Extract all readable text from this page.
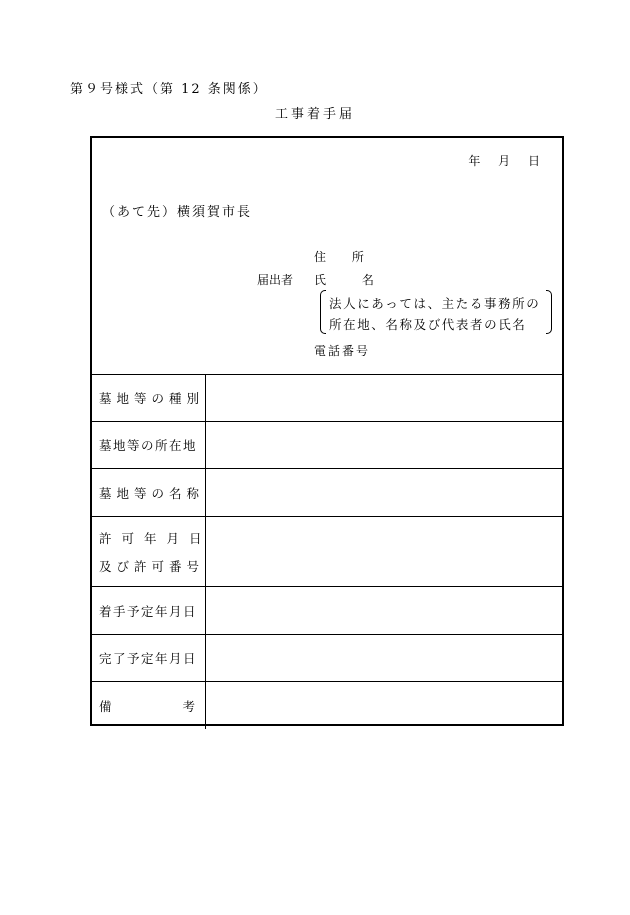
第９号様式（第 12 条関係）
工事着手届
年 月 日
（あて先）横須賀市長
届出者
住 所
氏 名
法人にあっては、主たる事務所の
所在地、名称及び代表者の氏名
電話番号
墓地等の種別
墓地等の所在地
墓地等の名称
許可年月日
及び許可番号
着手予定年月日
完了予定年月日
備	考
